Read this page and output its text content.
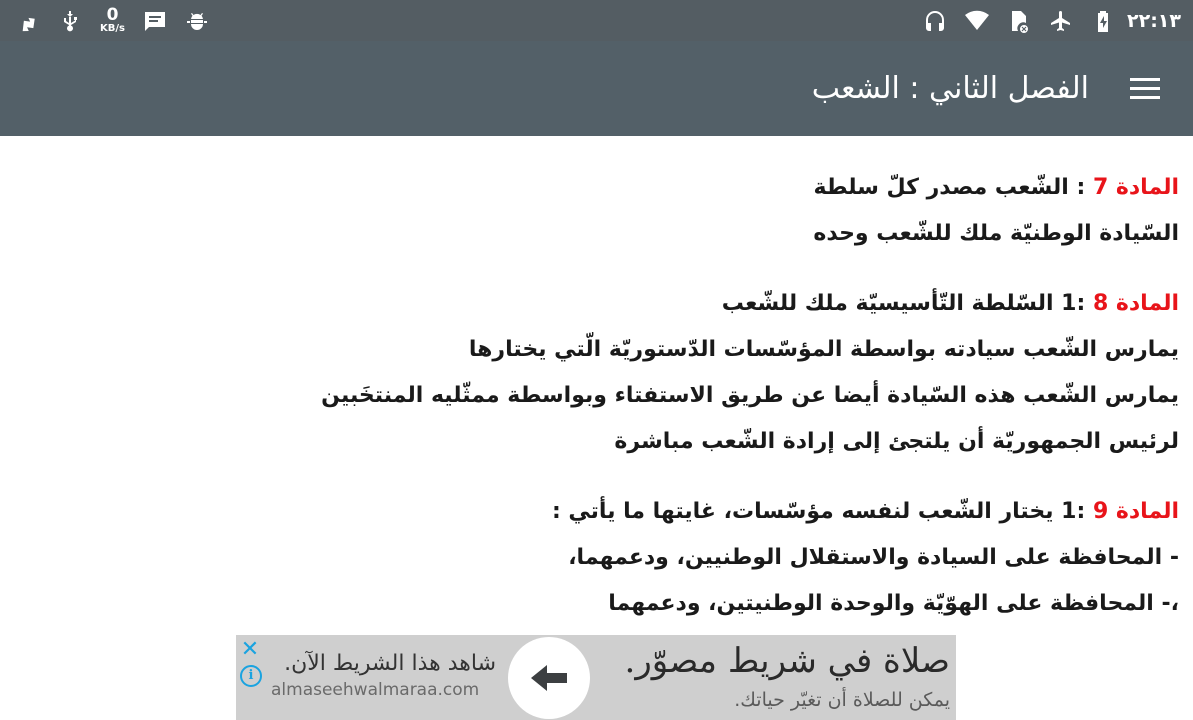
0
KB/s	٢٢:١٣
الفصل الثاني : الشعب
المادة 7 : الشّعب مصدر كلّ سلطة
السّيادة الوطنيّة ملك للشّعب وحده
المادة 8 :1 السّلطة التّأسيسيّة ملك للشّعب
يمارس الشّعب سيادته بواسطة المؤسّسات الدّستوريّة الّتي يختارها
يمارس الشّعب هذه السّيادة أيضا عن طريق الاستفتاء وبواسطة ممثّليه المنتخَبين
لرئيس الجمهوريّة أن يلتجئ إلى إرادة الشّعب مباشرة
المادة 9 :1 يختار الشّعب لنفسه مؤسّسات، غايتها ما يأتي :
- المحافظة على السيادة والاستقلال الوطنيين، ودعمهما،
،- المحافظة على الهوّيّة والوحدة الوطنيتين، ودعمهما
✕
i	شاهد هذا الشريط الآن.
almaseehwalmaraa.com
صلاة في شريط مصوّر.
يمكن للصلاة أن تغيّر حياتك.
